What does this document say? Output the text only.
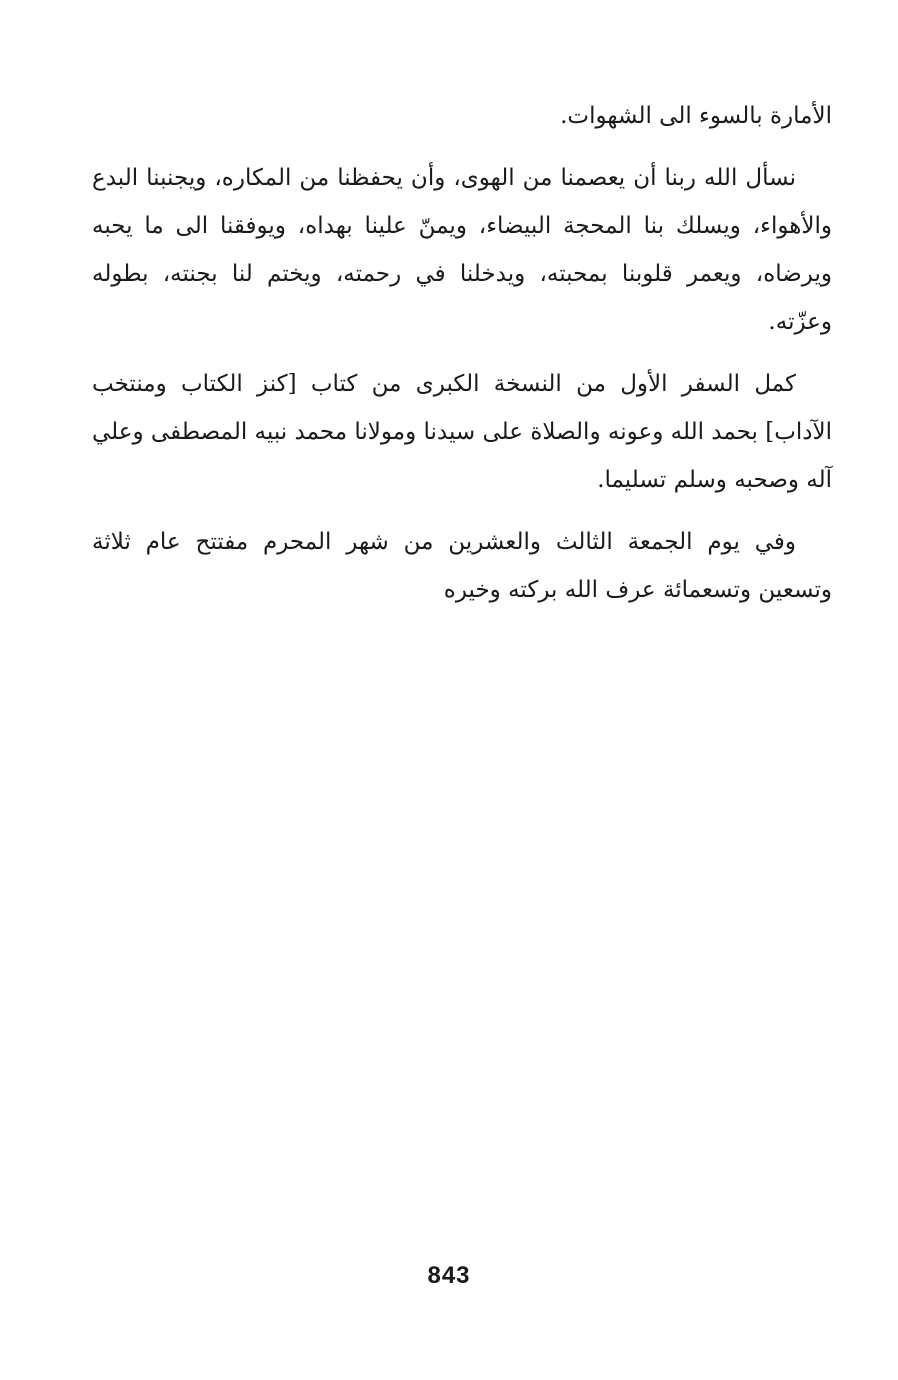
الأمارة بالسوء الى الشهوات.

نسأل الله ربنا أن يعصمنا من الهوى، وأن يحفظنا من المكاره، ويجنبنا البدع والأهواء، ويسلك بنا المحجة البيضاء، ويمنّ علينا بهداه، ويوفقنا الى ما يحبه ويرضاه، ويعمر قلوبنا بمحبته، ويدخلنا في رحمته، ويختم لنا بجنته، بطوله وعزّته.

كمل السفر الأول من النسخة الكبرى من كتاب [كنز الكتاب ومنتخب الآداب] بحمد الله وعونه والصلاة على سيدنا ومولانا محمد نبيه المصطفى وعلي آله وصحبه وسلم تسليما.

وفي يوم الجمعة الثالث والعشرين من شهر المحرم مفتتح عام ثلاثة وتسعين وتسعمائة عرف الله بركته وخيره

843
